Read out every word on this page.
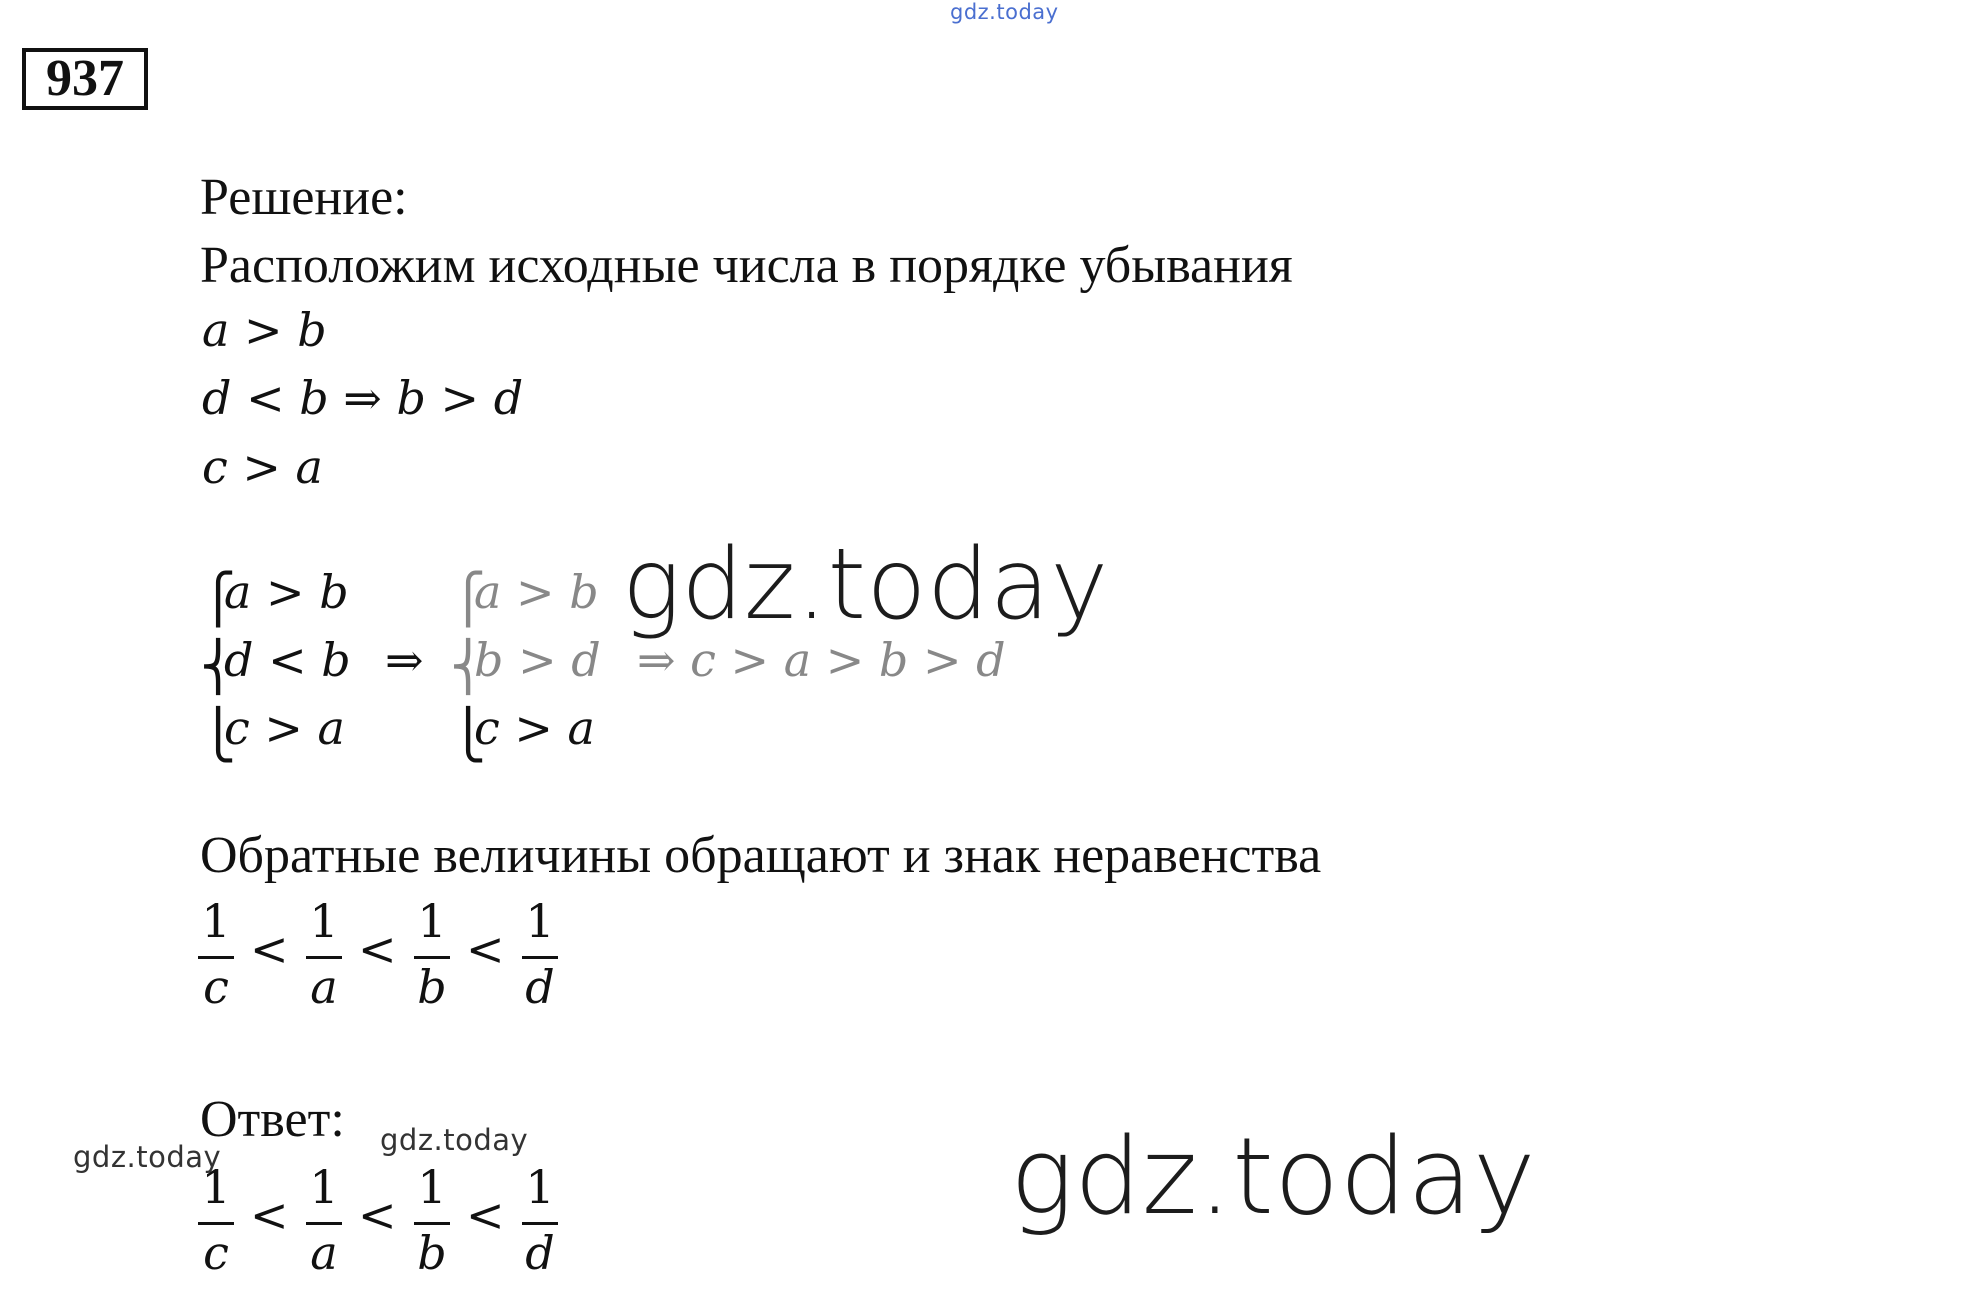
gdz.today
937
Решение:
Расположим исходные числа в порядке убывания
a > b
d < b ⇒ b > d
c > a
⎧
⎨
⎩
a > b
d < b
c > a
⇒
⎧
⎨
⎩
a > b
b > d
c > a
⇒ c > a > b > d
gdz.today
Обратные величины обращают и знак неравенства
1
c
<
1
a
<
1
b
<
1
d
Ответ:
gdz.today	gdz.today
1
c
<
1
a
<
1
b
<
1
d
gdz.today
